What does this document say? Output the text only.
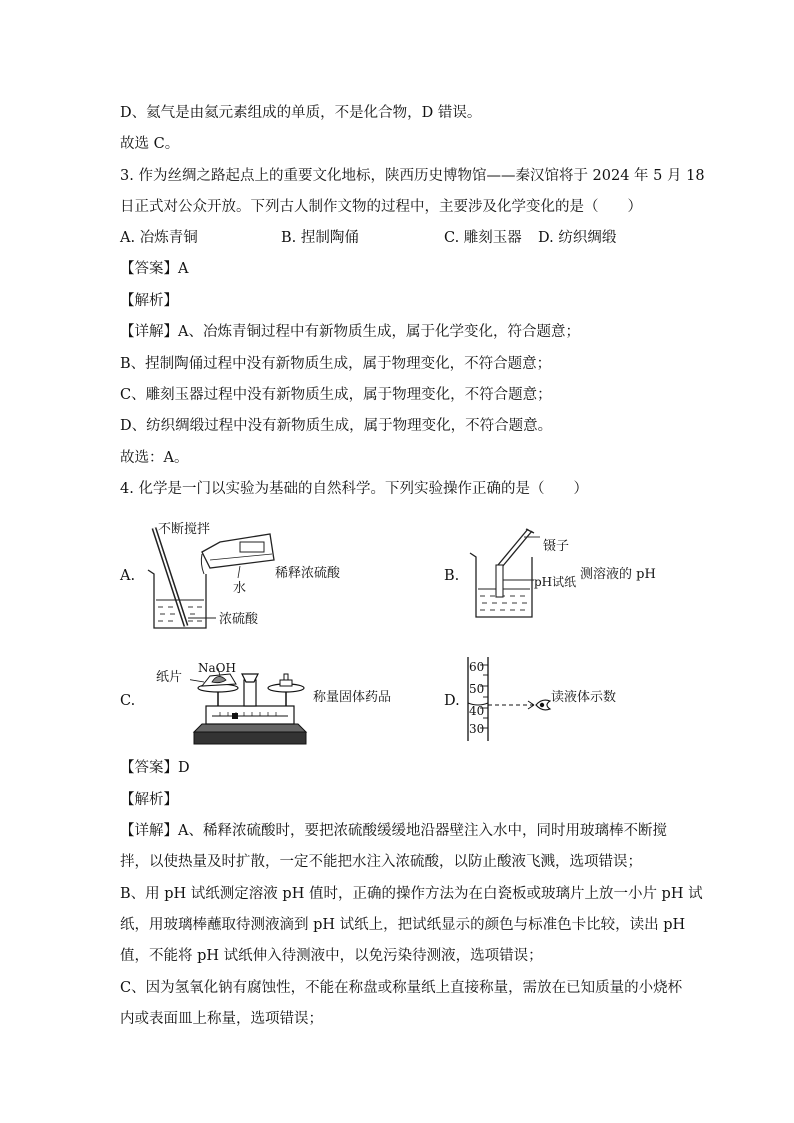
D、氦气是由氦元素组成的单质，不是化合物，D 错误。
故选 C。
3. 作为丝绸之路起点上的重要文化地标，陕西历史博物馆——秦汉馆将于 2024 年 5 月 18
日正式对公众开放。下列古人制作文物的过程中，主要涉及化学变化的是（　　）
A. 冶炼青铜	B. 捏制陶俑	C. 雕刻玉器 D. 纺织绸缎
【答案】A
【解析】
【详解】A、冶炼青铜过程中有新物质生成，属于化学变化，符合题意；
B、捏制陶俑过程中没有新物质生成，属于物理变化，不符合题意；
C、雕刻玉器过程中没有新物质生成，属于物理变化，不符合题意；
D、纺织绸缎过程中没有新物质生成，属于物理变化，不符合题意。
故选：A。
4. 化学是一门以实验为基础的自然科学。下列实验操作正确的是（　　）
A.
不断搅拌
水
稀释浓硫酸
浓硫酸
B.
镊子
pH试纸 测溶液的 pH
C.
NaOH
纸片
称量固体药品	D.
60
50
40
30
读液体示数
【答案】D
【解析】
【详解】A、稀释浓硫酸时，要把浓硫酸缓缓地沿器壁注入水中，同时用玻璃棒不断搅
拌，以使热量及时扩散，一定不能把水注入浓硫酸，以防止酸液飞溅，选项错误；
B、用 pH 试纸测定溶液 pH 值时，正确的操作方法为在白瓷板或玻璃片上放一小片 pH 试
纸，用玻璃棒蘸取待测液滴到 pH 试纸上，把试纸显示的颜色与标准色卡比较，读出 pH
值，不能将 pH 试纸伸入待测液中，以免污染待测液，选项错误；
C、因为氢氧化钠有腐蚀性，不能在称盘或称量纸上直接称量，需放在已知质量的小烧杯
内或表面皿上称量，选项错误；
